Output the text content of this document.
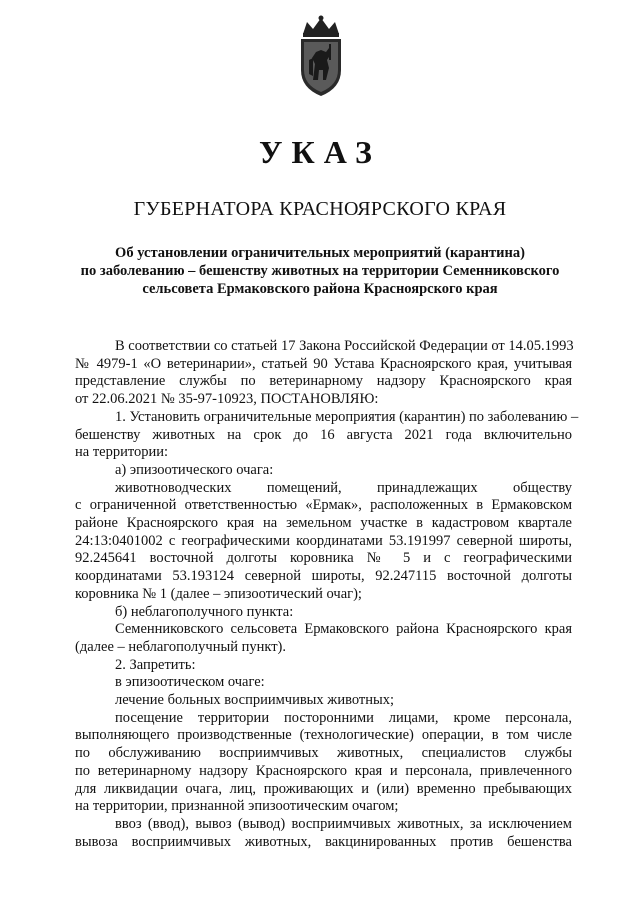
УКАЗ
ГУБЕРНАТОРА КРАСНОЯРСКОГО КРАЯ
Об установлении ограничительных мероприятий (карантина)
по заболеванию – бешенству животных на территории Семенниковского
сельсовета Ермаковского района Красноярского края
В соответствии со статьей 17 Закона Российской Федерации от 14.05.1993
№ 4979-1 «О ветеринарии», статьей 90 Устава Красноярского края, учитывая
представление службы по ветеринарному надзору Красноярского края
от 22.06.2021 № 35-97-10923, ПОСТАНОВЛЯЮ:
1. Установить ограничительные мероприятия (карантин) по заболеванию –
бешенству животных на срок до 16 августа 2021 года включительно
на территории:
а) эпизоотического очага:
животноводческих помещений, принадлежащих обществу
с ограниченной ответственностью «Ермак», расположенных в Ермаковском
районе Красноярского края на земельном участке в кадастровом квартале
24:13:0401002 с географическими координатами 53.191997 северной широты,
92.245641 восточной долготы коровника № 5 и с географическими
координатами 53.193124 северной широты, 92.247115 восточной долготы
коровника № 1 (далее – эпизоотический очаг);
б) неблагополучного пункта:
Семенниковского сельсовета Ермаковского района Красноярского края
(далее – неблагополучный пункт).
2. Запретить:
в эпизоотическом очаге:
лечение больных восприимчивых животных;
посещение территории посторонними лицами, кроме персонала,
выполняющего производственные (технологические) операции, в том числе
по обслуживанию восприимчивых животных, специалистов службы
по ветеринарному надзору Красноярского края и персонала, привлеченного
для ликвидации очага, лиц, проживающих и (или) временно пребывающих
на территории, признанной эпизоотическим очагом;
ввоз (ввод), вывоз (вывод) восприимчивых животных, за исключением
вывоза восприимчивых животных, вакцинированных против бешенства
